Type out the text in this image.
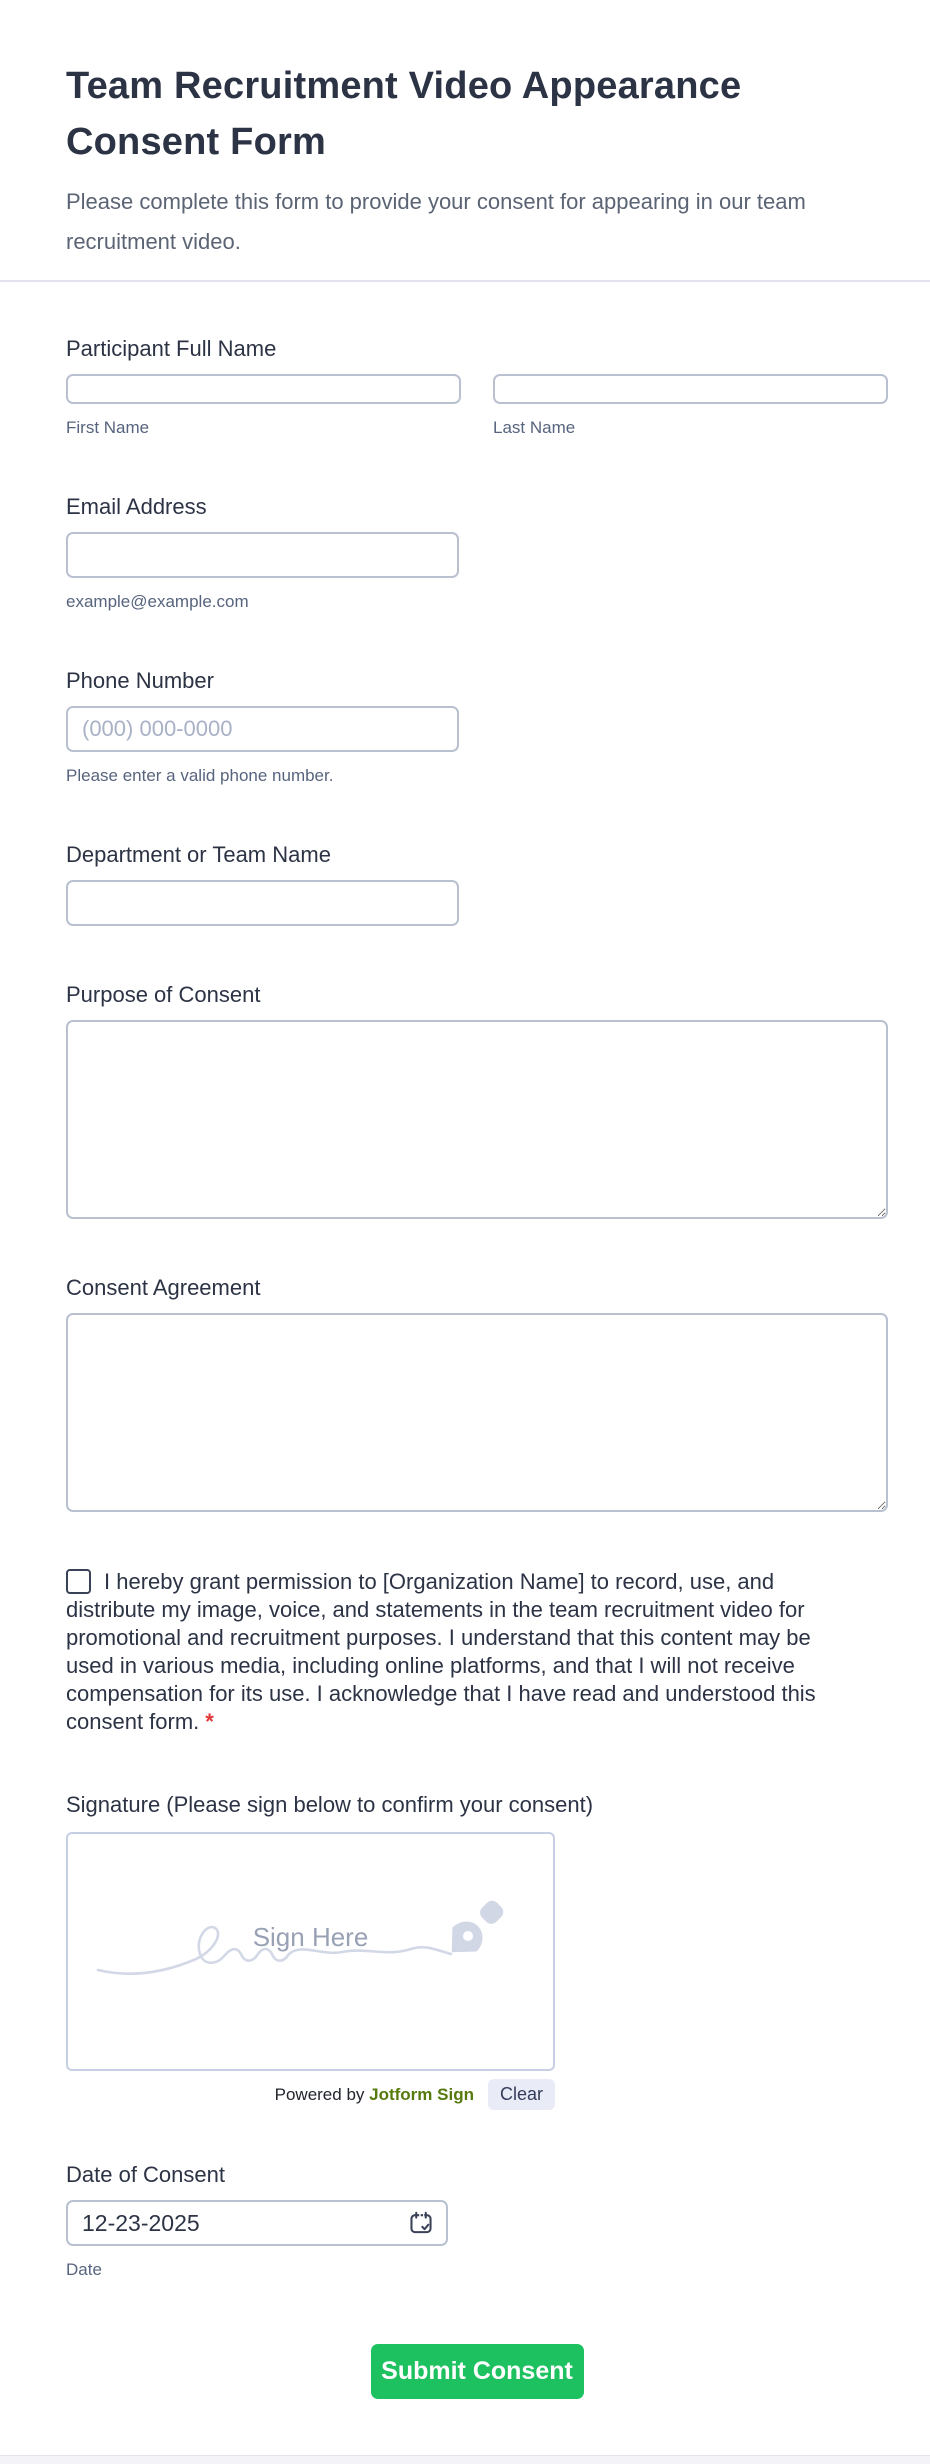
Team Recruitment Video Appearance Consent Form

Please complete this form to provide your consent for appearing in our team recruitment video.

Participant Full Name
First Name	Last Name
Email Address
example@example.com
Phone Number
(000) 000-0000
Please enter a valid phone number.
Department or Team Name
Purpose of Consent
Consent Agreement

I hereby grant permission to [Organization Name] to record, use, and distribute my image, voice, and statements in the team recruitment video for promotional and recruitment purposes. I understand that this content may be used in various media, including online platforms, and that I will not receive compensation for its use. I acknowledge that I have read and understood this consent form. *

Signature (Please sign below to confirm your consent)
Sign Here
Powered by Jotform Sign	Clear
Date of Consent
12-23-2025
Date
Submit Consent
